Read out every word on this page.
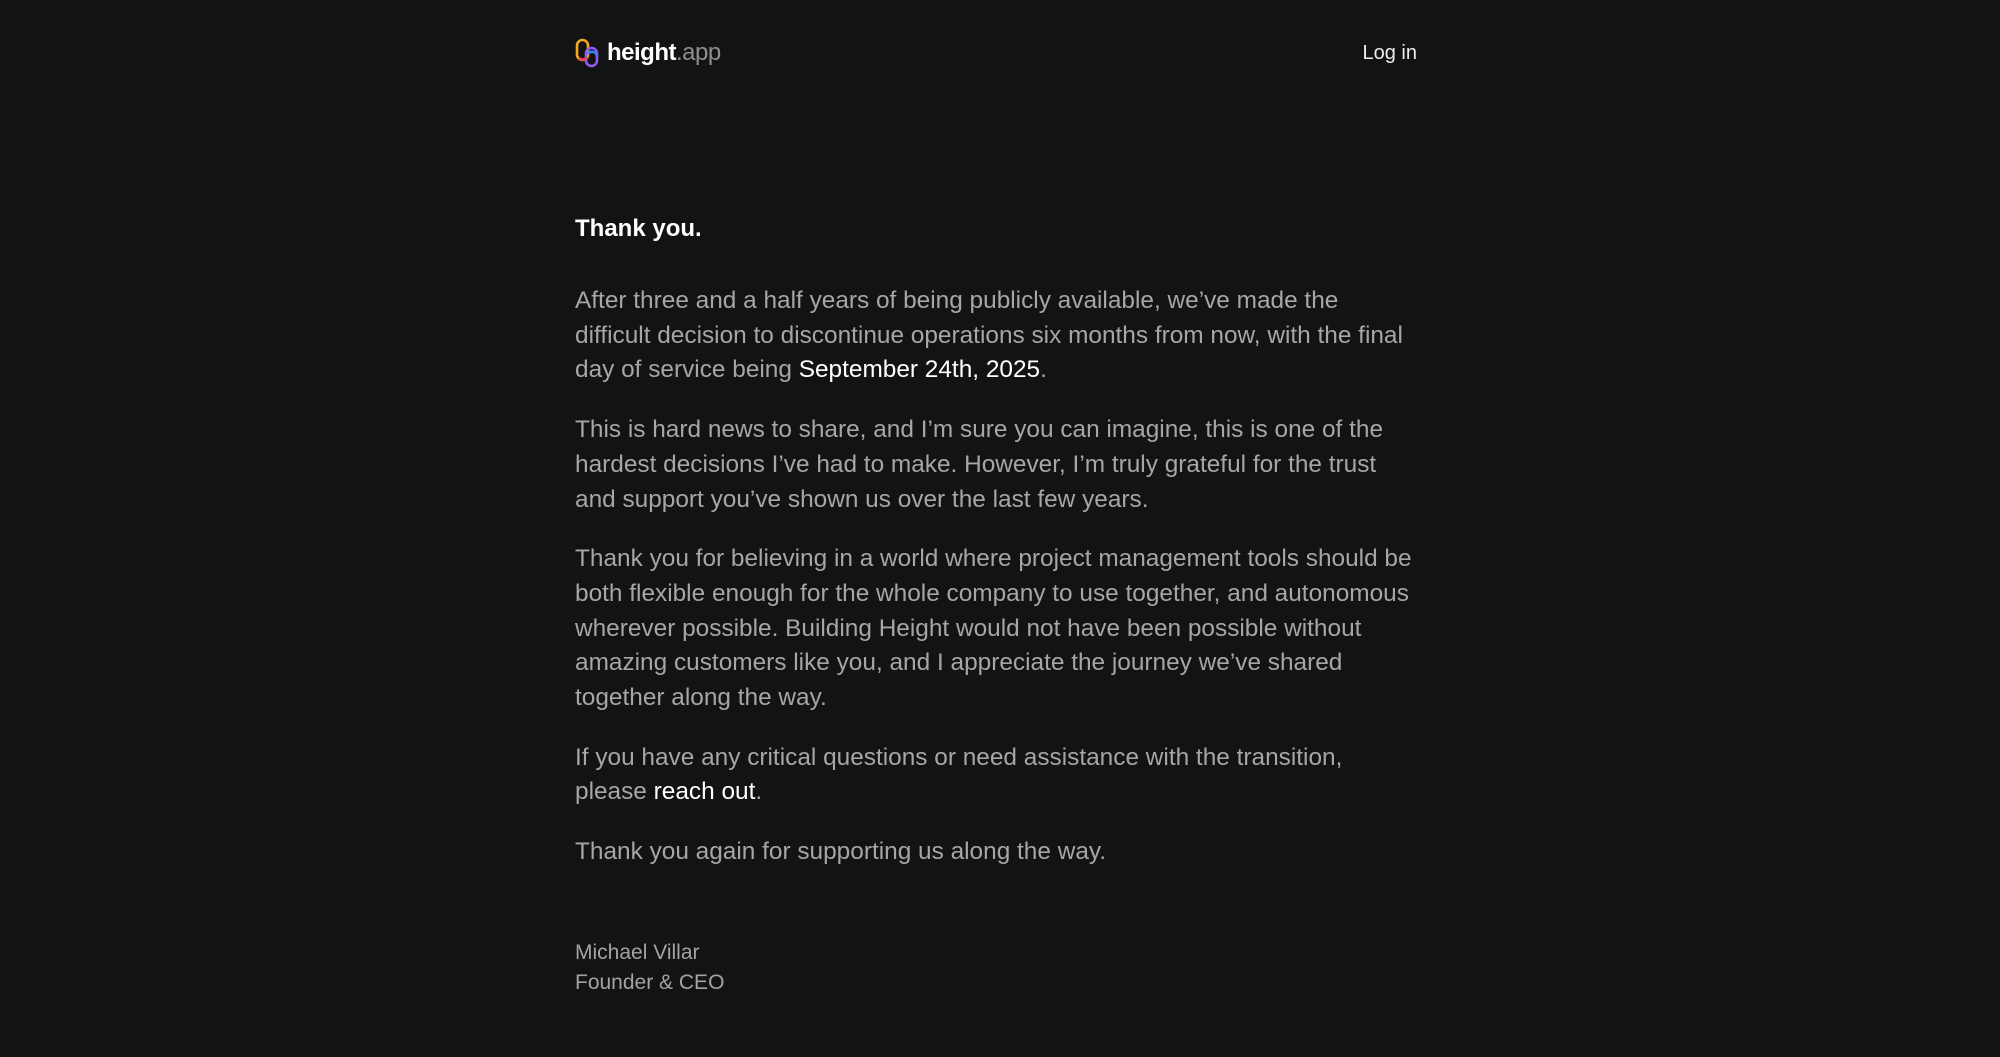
height.app	Log in
Thank you.

After three and a half years of being publicly available, we’ve made the difficult decision to discontinue operations six months from now, with the final day of service being September 24th, 2025.

This is hard news to share, and I’m sure you can imagine, this is one of the hardest decisions I’ve had to make. However, I’m truly grateful for the trust and support you’ve shown us over the last few years.

Thank you for believing in a world where project management tools should be both flexible enough for the whole company to use together, and autonomous wherever possible. Building Height would not have been possible without amazing customers like you, and I appreciate the journey we’ve shared together along the way.

If you have any critical questions or need assistance with the transition, please reach out.

Thank you again for supporting us along the way.

Michael Villar
Founder & CEO
